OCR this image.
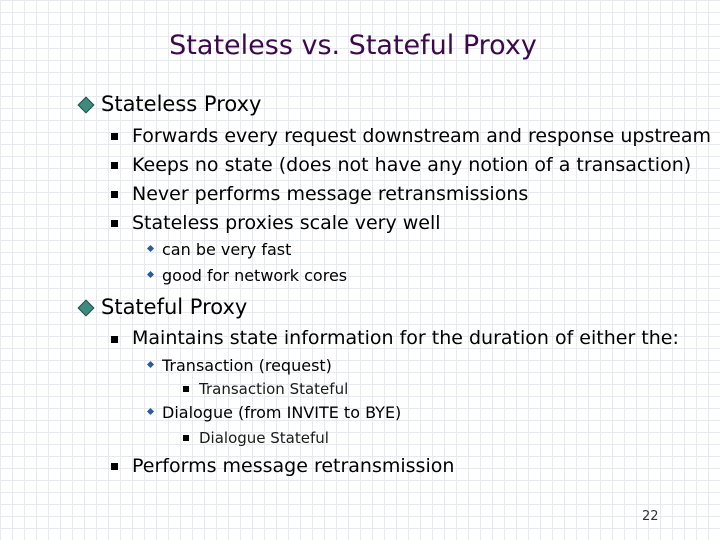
Stateless vs. Stateful Proxy
Stateless Proxy
Forwards every request downstream and response upstream
Keeps no state (does not have any notion of a transaction)
Never performs message retransmissions
Stateless proxies scale very well
can be very fast
good for network cores
Stateful Proxy
Maintains state information for the duration of either the:
Transaction (request)
Transaction Stateful
Dialogue (from INVITE to BYE)
Dialogue Stateful
Performs message retransmission
22
